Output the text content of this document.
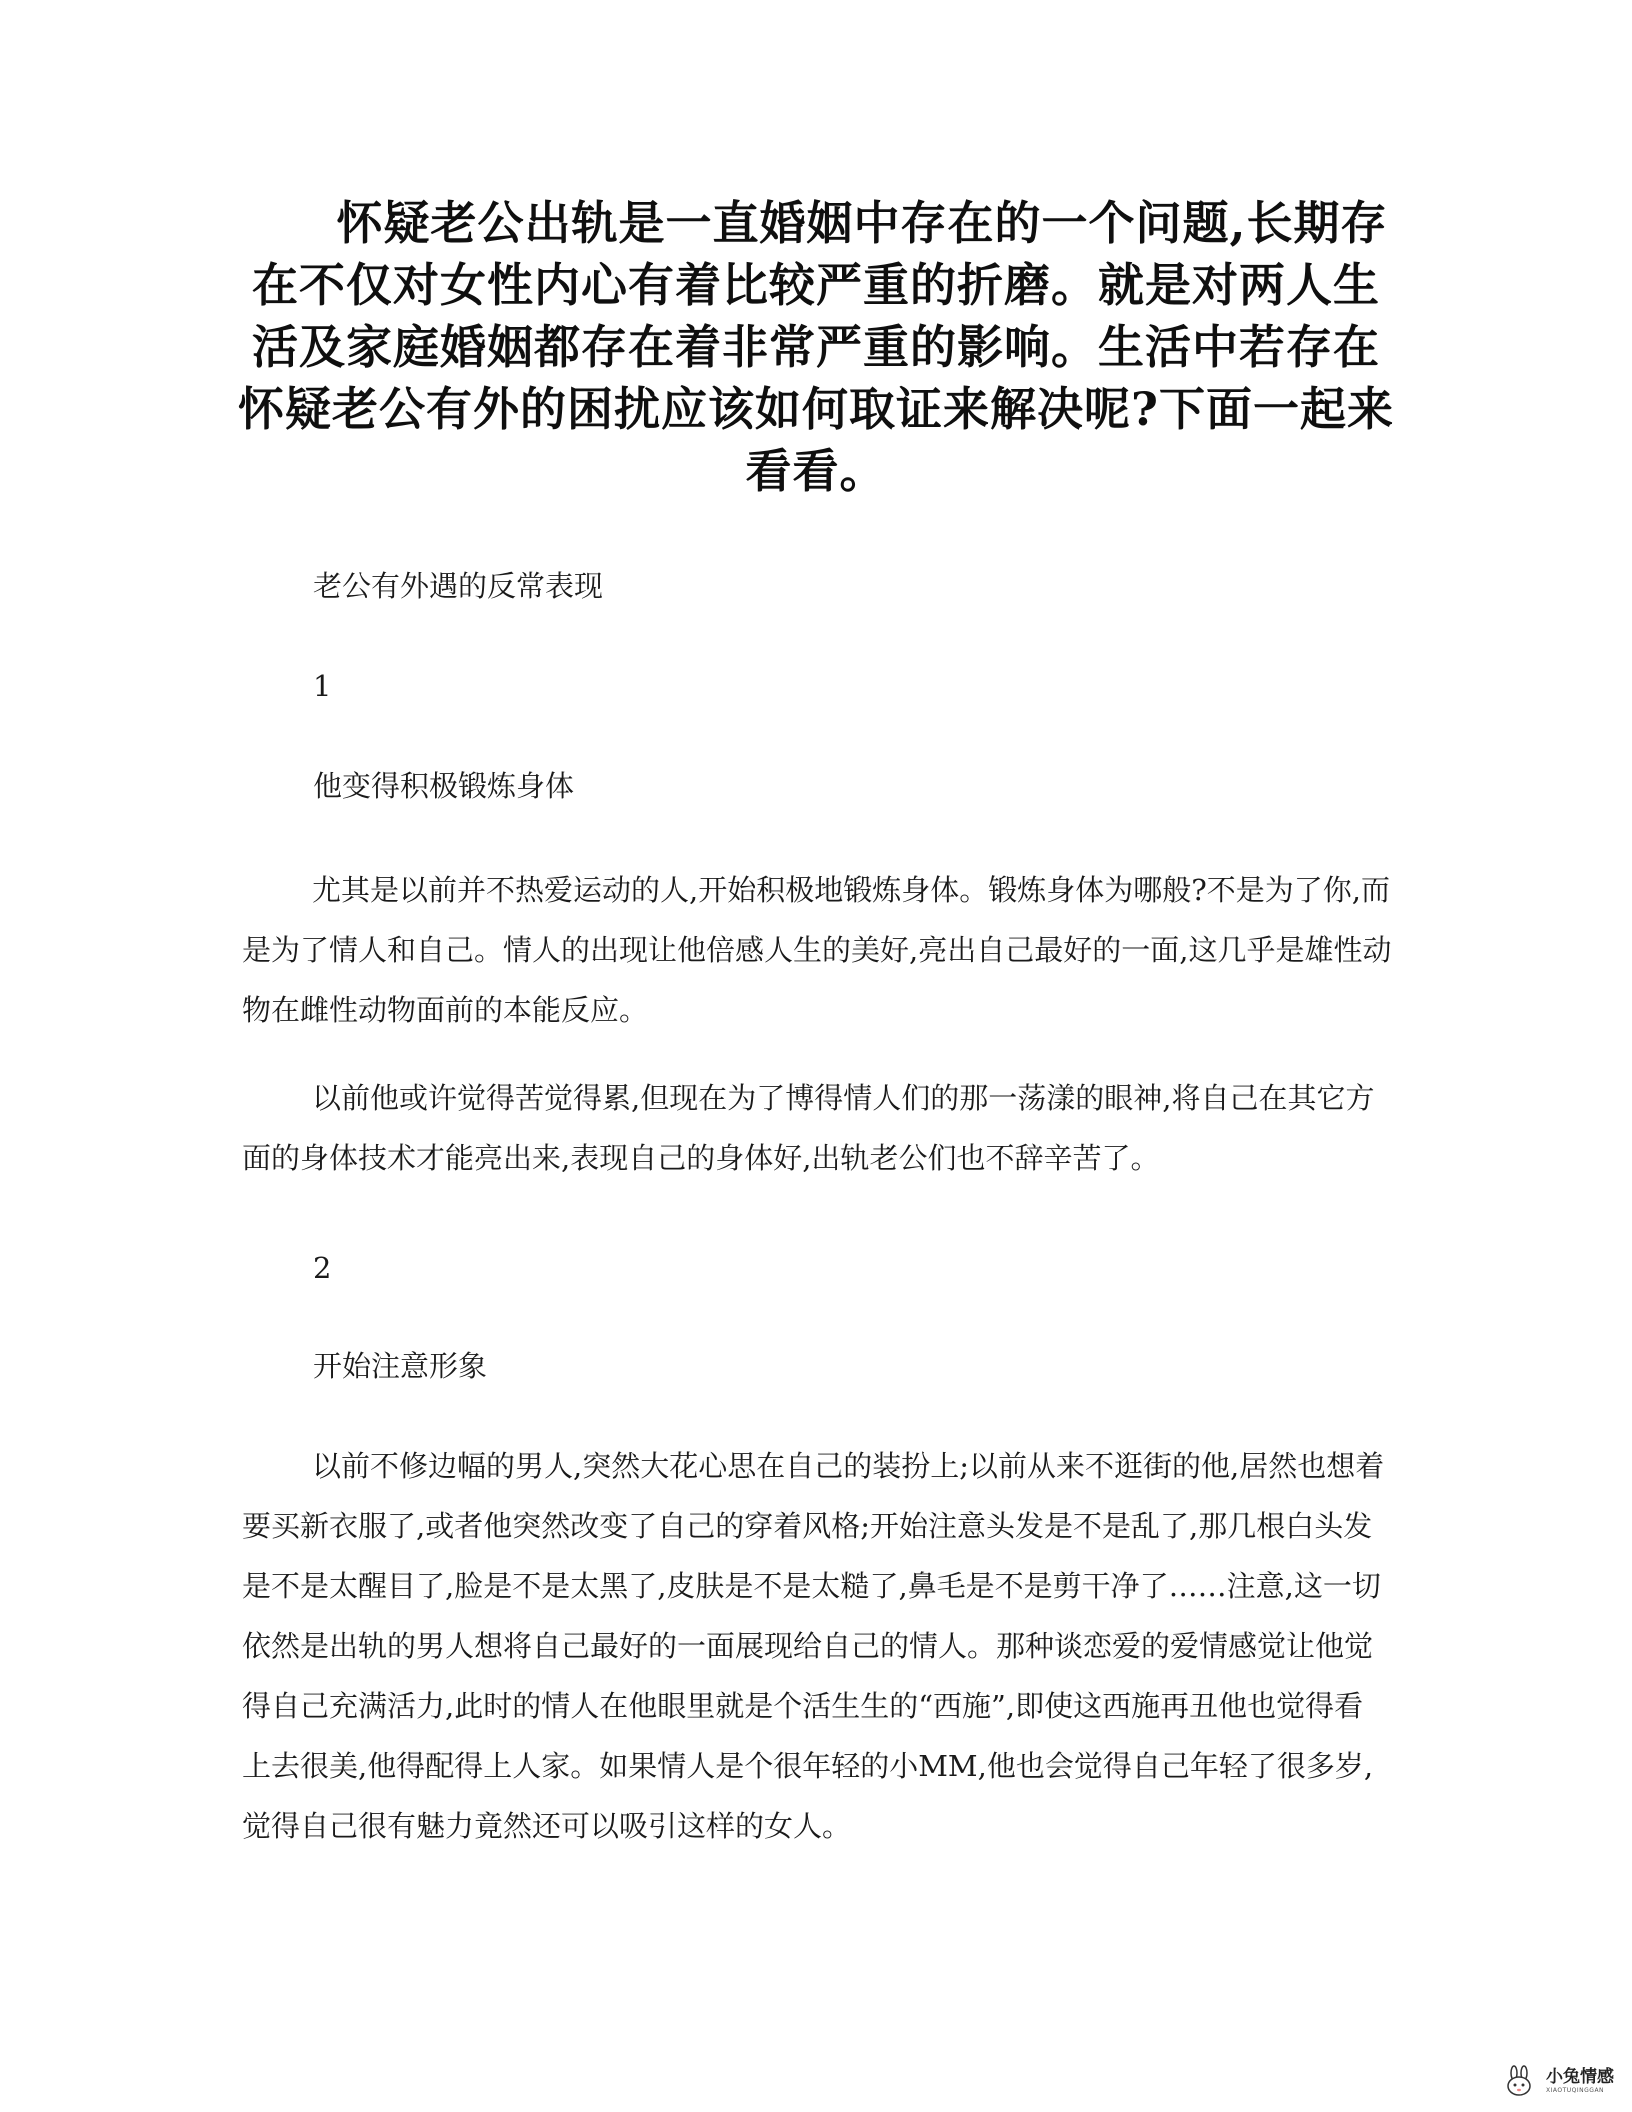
怀疑老公出轨是一直婚姻中存在的一个问题,长期存在不仅对女性内心有着比较严重的折磨。就是对两人生活及家庭婚姻都存在着非常严重的影响。生活中若存在怀疑老公有外的困扰应该如何取证来解决呢?下面一起来看看。

老公有外遇的反常表现

1

他变得积极锻炼身体

尤其是以前并不热爱运动的人,开始积极地锻炼身体。锻炼身体为哪般?不是为了你,而是为了情人和自己。情人的出现让他倍感人生的美好,亮出自己最好的一面,这几乎是雄性动物在雌性动物面前的本能反应。

以前他或许觉得苦觉得累,但现在为了博得情人们的那一荡漾的眼神,将自己在其它方面的身体技术才能亮出来,表现自己的身体好,出轨老公们也不辞辛苦了。

2

开始注意形象

以前不修边幅的男人,突然大花心思在自己的装扮上;以前从来不逛街的他,居然也想着要买新衣服了,或者他突然改变了自己的穿着风格;开始注意头发是不是乱了,那几根白头发是不是太醒目了,脸是不是太黑了,皮肤是不是太糙了,鼻毛是不是剪干净了……注意,这一切依然是出轨的男人想将自己最好的一面展现给自己的情人。那种谈恋爱的爱情感觉让他觉得自己充满活力,此时的情人在他眼里就是个活生生的“西施”,即使这西施再丑他也觉得看上去很美,他得配得上人家。如果情人是个很年轻的小MM,他也会觉得自己年轻了很多岁,觉得自己很有魅力竟然还可以吸引这样的女人。

小兔情感
XIAOTUQINGGAN
